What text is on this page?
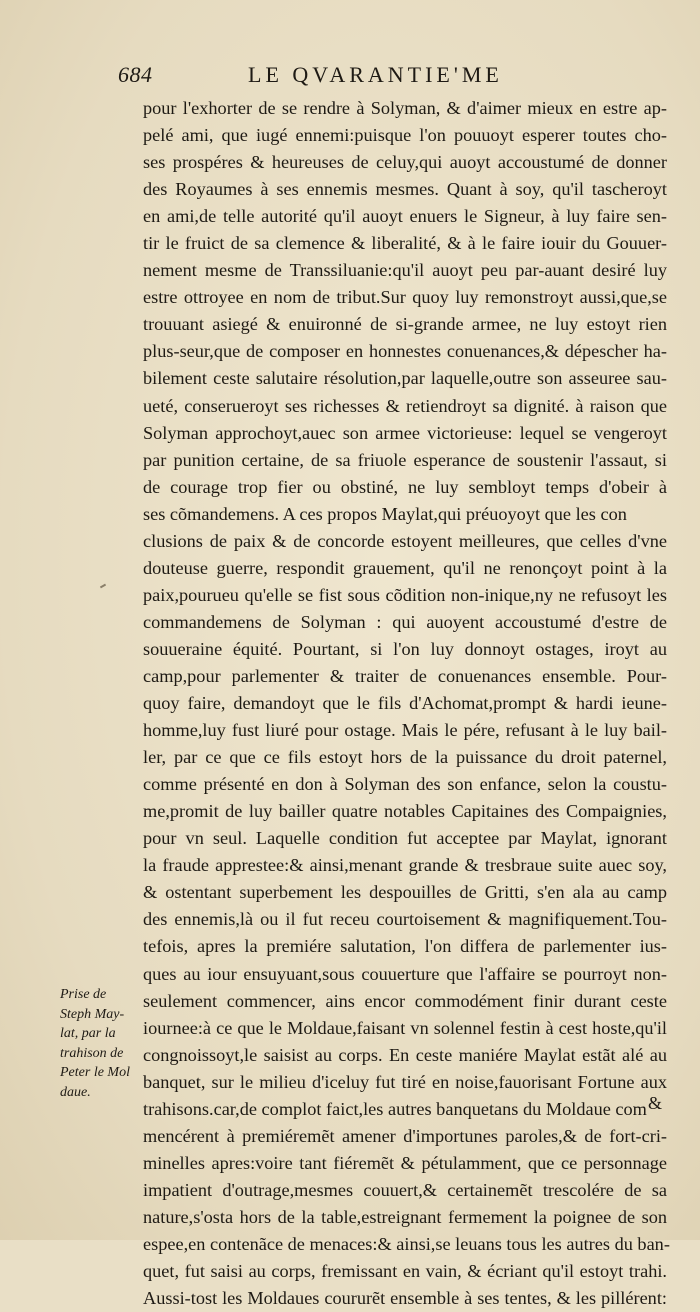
684	LE QVARANTIE'ME
pour l'exhorter de se rendre à Solyman, & d'aimer mieux en estre ap-
pelé ami, que iugé ennemi:puisque l'on pouuoyt esperer toutes cho-
ses prospéres & heureuses de celuy,qui auoyt accoustumé de donner
des Royaumes à ses ennemis mesmes. Quant à soy, qu'il tascheroyt
en ami,de telle autorité qu'il auoyt enuers le Signeur, à luy faire sen-
tir le fruict de sa clemence & liberalité, & à le faire iouir du Gouuer-
nement mesme de Transsiluanie:qu'il auoyt peu par-auant desiré luy
estre ottroyee en nom de tribut.Sur quoy luy remonstroyt aussi,que,se
trouuant asiegé & enuironné de si-grande armee, ne luy estoyt rien
plus-seur,que de composer en honnestes conuenances,& dépescher ha-
bilement ceste salutaire résolution,par laquelle,outre son asseuree sau-
ueté, conserueroyt ses richesses & retiendroyt sa dignité. à raison que
Solyman approchoyt,auec son armee victorieuse: lequel se vengeroyt
par punition certaine, de sa friuole esperance de soustenir l'assaut, si
de courage trop fier ou obstiné, ne luy sembloyt temps d'obeir à
ses cõmandemens. A ces propos Maylat,qui préuoyoyt que les con
clusions de paix & de concorde estoyent meilleures, que celles d'vne
douteuse guerre, respondit grauement, qu'il ne renonçoyt point à la
paix,pourueu qu'elle se fist sous cõdition non-inique,ny ne refusoyt les
commandemens de Solyman : qui auoyent accoustumé d'estre de
souueraine équité. Pourtant, si l'on luy donnoyt ostages, iroyt au
camp,pour parlementer & traiter de conuenances ensemble. Pour-
quoy faire, demandoyt que le fils d'Achomat,prompt & hardi ieune-
homme,luy fust liuré pour ostage. Mais le pére, refusant à le luy bail-
ler, par ce que ce fils estoyt hors de la puissance du droit paternel,
comme présenté en don à Solyman des son enfance, selon la coustu-
me,promit de luy bailler quatre notables Capitaines des Compaignies,
pour vn seul. Laquelle condition fut acceptee par Maylat, ignorant
la fraude apprestee:& ainsi,menant grande & tresbraue suite auec soy,
& ostentant superbement les despouilles de Gritti, s'en ala au camp
des ennemis,là ou il fut receu courtoisement & magnifiquement.Tou-
tefois, apres la premiére salutation, l'on differa de parlementer ius-
ques au iour ensuyuant,sous couuerture que l'affaire se pourroyt non-
seulement commencer, ains encor commodément finir durant ceste
iournee:à ce que le Moldaue,faisant vn solennel festin à cest hoste,qu'il
congnoissoyt,le saisist au corps. En ceste maniére Maylat estãt alé au
banquet, sur le milieu d'iceluy fut tiré en noise,fauorisant Fortune aux
trahisons.car,de complot faict,les autres banquetans du Moldaue com
mencérent à premiéremẽt amener d'importunes paroles,& de fort-cri-
minelles apres:voire tant fiéremẽt & pétulamment, que ce personnage
impatient d'outrage,mesmes couuert,& certainemẽt trescolére de sa
nature,s'osta hors de la table,estreignant fermement la poignee de son
espee,en contenãce de menaces:& ainsi,se leuans tous les autres du ban-
quet, fut saisi au corps, fremissant en vain, & écriant qu'il estoyt trahi.
Aussi-tost les Moldaues coururẽt ensemble à ses tentes, & les pillérent:
Prise de
Steph May-
lat, par la
trahison de
Peter le Mol
daue.
&
